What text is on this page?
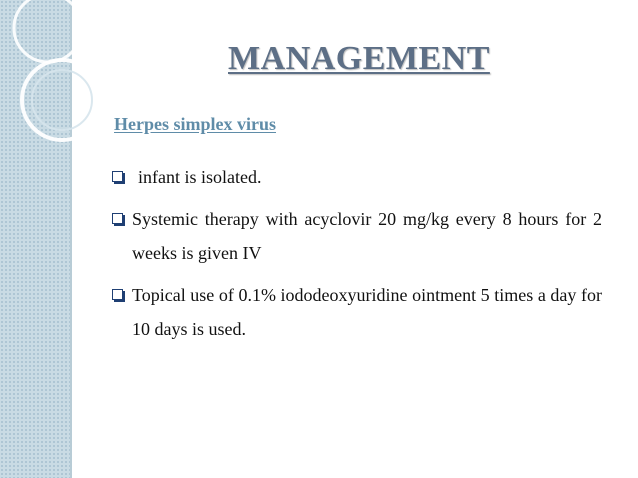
MANAGEMENT
Herpes simplex virus
infant is isolated.
Systemic therapy with acyclovir 20 mg/kg every 8 hours for 2 weeks is given IV
Topical use of 0.1% iododeoxyuridine ointment 5 times a day for 10 days is used.
